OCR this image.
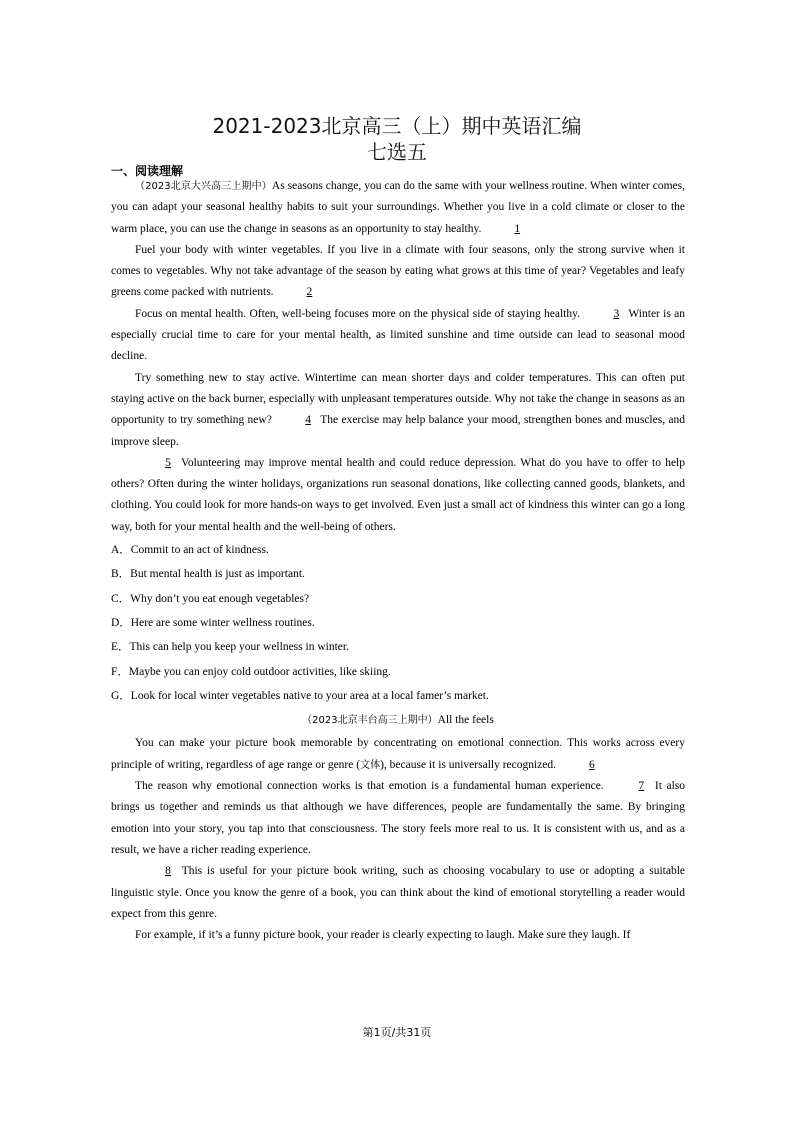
2021-2023北京高三（上）期中英语汇编
七选五
一、阅读理解

（2023北京大兴高三上期中）As seasons change, you can do the same with your wellness routine. When winter comes, you can adapt your seasonal healthy habits to suit your surroundings. Whether you live in a cold climate or closer to the warm place, you can use the change in seasons as an opportunity to stay healthy.	1

Fuel your body with winter vegetables. If you live in a climate with four seasons, only the strong survive when it comes to vegetables. Why not take advantage of the season by eating what grows at this time of year? Vegetables and leafy greens come packed with nutrients.	2

Focus on mental health. Often, well-being focuses more on the physical side of staying healthy.	3 Winter is an especially crucial time to care for your mental health, as limited sunshine and time outside can lead to seasonal mood decline.

Try something new to stay active. Wintertime can mean shorter days and colder temperatures. This can often put staying active on the back burner, especially with unpleasant temperatures outside. Why not take the change in seasons as an opportunity to try something new?	4 The exercise may help balance your mood, strengthen bones and muscles, and improve sleep.

5 Volunteering may improve mental health and could reduce depression. What do you have to offer to help others? Often during the winter holidays, organizations run seasonal donations, like collecting canned goods, blankets, and clothing. You could look for more hands-on ways to get involved. Even just a small act of kindness this winter can go a long way, both for your mental health and the well-being of others.

A．Commit to an act of kindness.

B．But mental health is just as important.

C．Why don’t you eat enough vegetables?

D．Here are some winter wellness routines.

E．This can help you keep your wellness in winter.

F．Maybe you can enjoy cold outdoor activities, like skiing.

G．Look for local winter vegetables native to your area at a local famer’s market.

（2023北京丰台高三上期中）All the feels

You can make your picture book memorable by concentrating on emotional connection. This works across every principle of writing, regardless of age range or genre (文体), because it is universally recognized.	6

The reason why emotional connection works is that emotion is a fundamental human experience.	7 It also brings us together and reminds us that although we have differences, people are fundamentally the same. By bringing emotion into your story, you tap into that consciousness. The story feels more real to us. It is consistent with us, and as a result, we have a richer reading experience.

8 This is useful for your picture book writing, such as choosing vocabulary to use or adopting a suitable linguistic style. Once you know the genre of a book, you can think about the kind of emotional storytelling a reader would expect from this genre.

For example, if it’s a funny picture book, your reader is clearly expecting to laugh. Make sure they laugh. If

第1页/共31页
